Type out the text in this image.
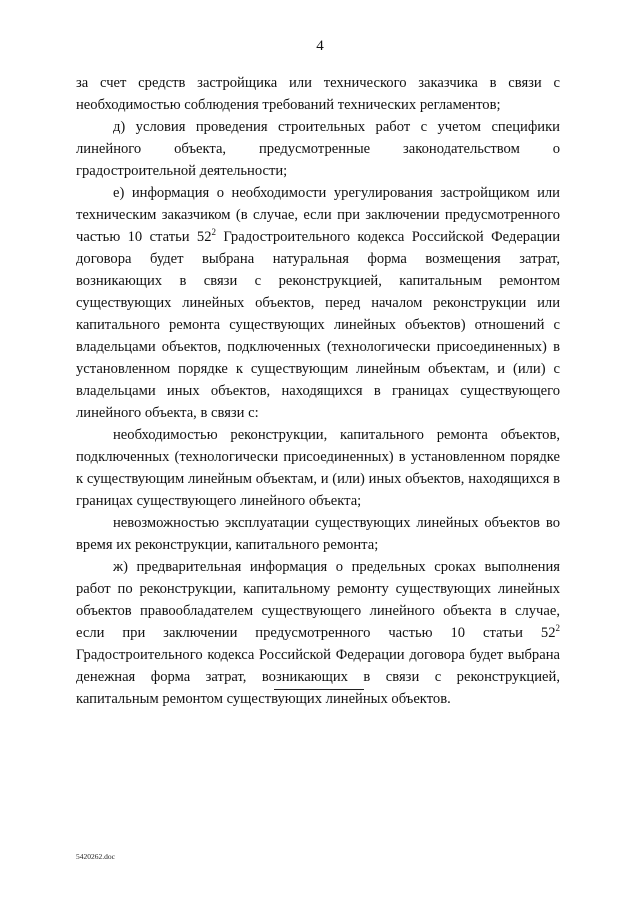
4

за счет средств застройщика или технического заказчика в связи с необходимостью соблюдения требований технических регламентов;

д) условия проведения строительных работ с учетом специфики линейного объекта, предусмотренные законодательством о градостроительной деятельности;

е) информация о необходимости урегулирования застройщиком или техническим заказчиком (в случае, если при заключении предусмотренного частью 10 статьи $52^2$ Градостроительного кодекса Российской Федерации договора будет выбрана натуральная форма возмещения затрат, возникающих в связи с реконструкцией, капитальным ремонтом существующих линейных объектов, перед началом реконструкции или капитального ремонта существующих линейных объектов) отношений с владельцами объектов, подключенных (технологически присоединенных) в установленном порядке к существующим линейным объектам, и (или) с владельцами иных объектов, находящихся в границах существующего линейного объекта, в связи с:

необходимостью реконструкции, капитального ремонта объектов, подключенных (технологически присоединенных) в установленном порядке к существующим линейным объектам, и (или) иных объектов, находящихся в границах существующего линейного объекта;

невозможностью эксплуатации существующих линейных объектов во время их реконструкции, капитального ремонта;

ж) предварительная информация о предельных сроках выполнения работ по реконструкции, капитальному ремонту существующих линейных объектов правообладателем существующего линейного объекта в случае, если при заключении предусмотренного частью 10 статьи $52^2$ Градостроительного кодекса Российской Федерации договора будет выбрана денежная форма затрат, возникающих в связи с реконструкцией, капитальным ремонтом существующих линейных объектов.

5420262.doc
